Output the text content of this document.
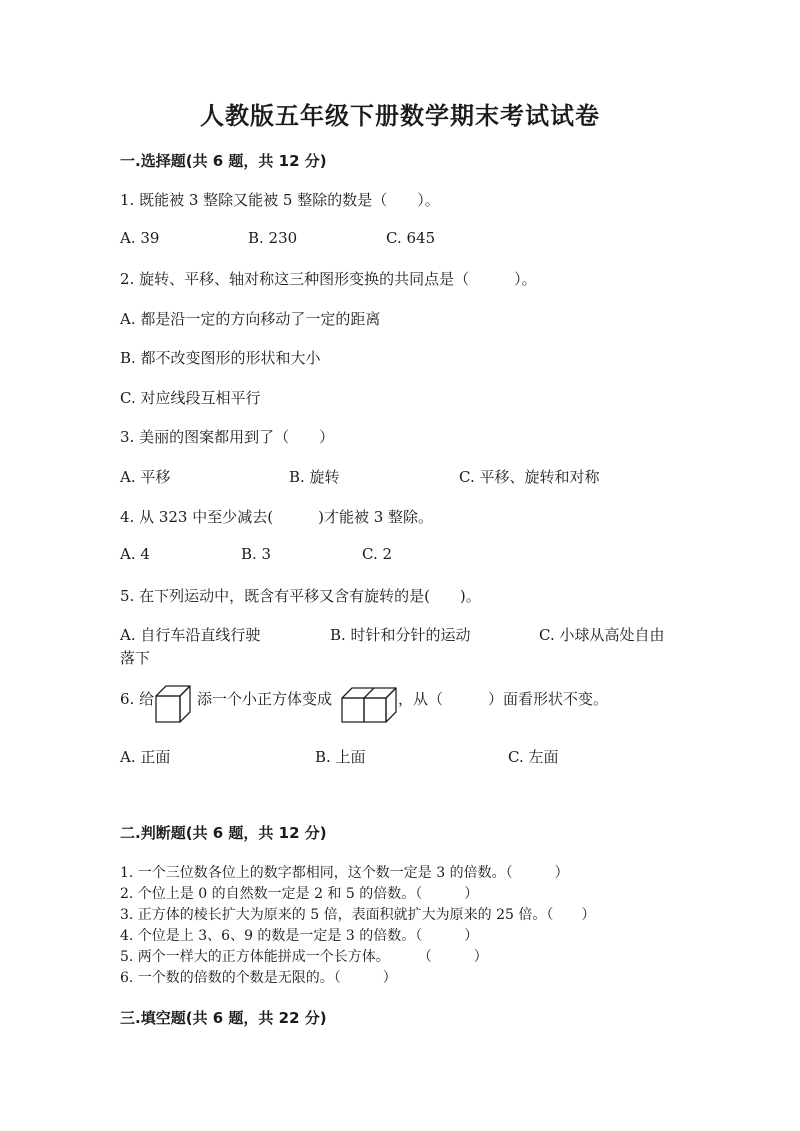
人教版五年级下册数学期末考试试卷
一.选择题(共 6 题，共 12 分)
1. 既能被 3 整除又能被 5 整除的数是（　　）。
A. 39	B. 230	C. 645
2. 旋转、平移、轴对称这三种图形变换的共同点是（　　　）。
A. 都是沿一定的方向移动了一定的距离
B. 都不改变图形的形状和大小
C. 对应线段互相平行
3. 美丽的图案都用到了（　　）
A. 平移	B. 旋转	C. 平移、旋转和对称
4. 从 323 中至少减去(　　　)才能被 3 整除。
A. 4	B. 3	C. 2
5. 在下列运动中，既含有平移又含有旋转的是(　　)。
A. 自行车沿直线行驶	B. 时针和分针的运动	C. 小球从高处自由
落下
6. 给	添一个小正方体变成	，从（　　　）面看形状不变。
A. 正面	B. 上面	C. 左面
二.判断题(共 6 题，共 12 分)
1. 一个三位数各位上的数字都相同，这个数一定是 3 的倍数。（　　　）
2. 个位上是 0 的自然数一定是 2 和 5 的倍数。（　　　）
3. 正方体的棱长扩大为原来的 5 倍，表面积就扩大为原来的 25 倍。（　　）
4. 个位是上 3、6、9 的数是一定是 3 的倍数。（　　　）
5. 两个一样大的正方体能拼成一个长方体。　　　（　　　）
6. 一个数的倍数的个数是无限的。（　　　）
三.填空题(共 6 题，共 22 分)
